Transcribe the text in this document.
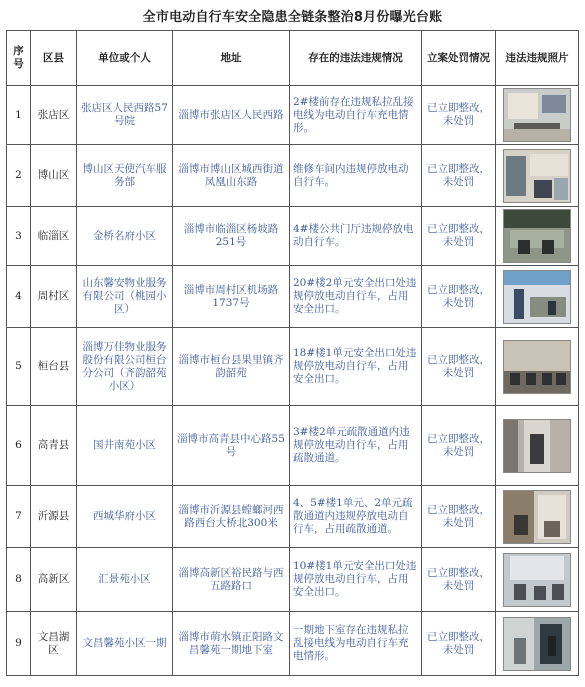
全市电动自行车安全隐患全链条整治8月份曝光台账
序号	区县	单位或个人	地址	存在的违法违规情况	立案处罚情况	违法违规照片
1	张店区	张店区人民西路57号院	淄博市张店区人民西路	2#楼前存在违规私拉乱接电线为电动自行车充电情形。	已立即整改，未处罚	

2	博山区	博山区天使汽车服务部	淄博市博山区城西街道凤凰山东路	维修车间内违规停放电动自行车。	已立即整改，未处罚	

3	临淄区	金桥名府小区	淄博市临淄区杨坡路251号	4#楼公共门厅违规停放电动自行车。	已立即整改，未处罚	

4	周村区	山东馨安物业服务有限公司（桃园小区）	淄博市周村区机场路1737号	20#楼2单元安全出口处违规停放电动自行车，占用安全出口。	已立即整改，未处罚	

5	桓台县	淄博万佳物业服务股份有限公司桓台分公司（齐韵韶苑小区）	淄博市桓台县果里镇齐韵韶苑	18#楼1单元安全出口处违规停放电动自行车，占用安全出口。	已立即整改，未处罚	

6	高青县	国井南苑小区	淄博市高青县中心路55号	3#楼2单元疏散通道内违规停放电动自行车，占用疏散通道。	已立即整改，未处罚	

7	沂源县	西城华府小区	淄博市沂源县螳螂河西路西台大桥北300米	4、5#楼1单元、2单元疏散通道内违规停放电动自行车，占用疏散通道。	已立即整改，未处罚	

8	高新区	汇景苑小区	淄博高新区裕民路与西五路路口	10#楼1单元安全出口处违规停放电动自行车，占用安全出口。	已立即整改，未处罚	

9	文昌湖区	文昌馨苑小区一期	淄博市萌水镇正阳路文昌馨苑一期地下室	一期地下室存在违规私拉乱接电线为电动自行车充电情形。	已立即整改，未处罚	
